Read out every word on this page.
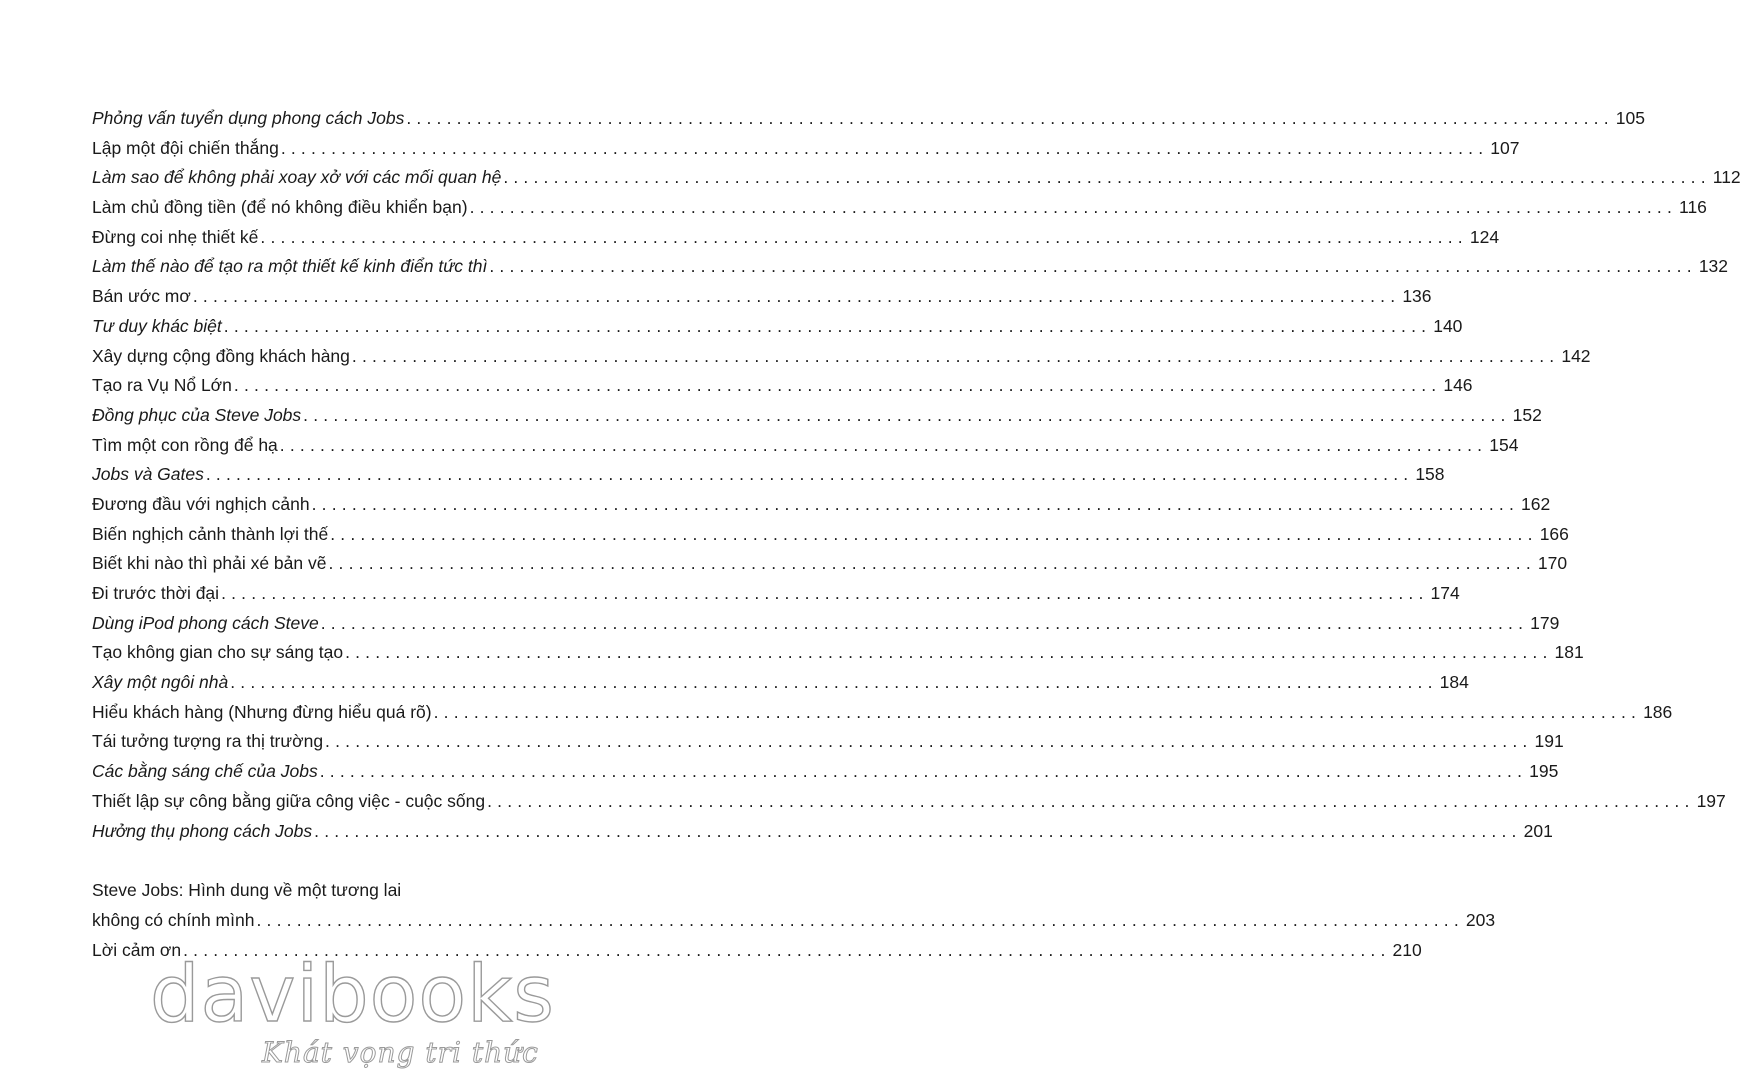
Phỏng vấn tuyển dụng phong cách Jobs ........................................................................................................................ 105
Lập một đội chiến thắng ........................................................................................................................ 107
Làm sao để không phải xoay xở với các mối quan hệ ........................................................................................................................ 112
Làm chủ đồng tiền (để nó không điều khiển bạn) ........................................................................................................................ 116
Đừng coi nhẹ thiết kế ........................................................................................................................ 124
Làm thế nào để tạo ra một thiết kế kinh điển tức thì ........................................................................................................................ 132
Bán ước mơ ........................................................................................................................ 136
Tư duy khác biệt ........................................................................................................................ 140
Xây dựng cộng đồng khách hàng ........................................................................................................................ 142
Tạo ra Vụ Nổ Lớn ........................................................................................................................ 146
Đồng phục của Steve Jobs ........................................................................................................................ 152
Tìm một con rồng để hạ ........................................................................................................................ 154
Jobs và Gates ........................................................................................................................ 158
Đương đầu với nghịch cảnh ........................................................................................................................ 162
Biến nghịch cảnh thành lợi thế ........................................................................................................................ 166
Biết khi nào thì phải xé bản vẽ ........................................................................................................................ 170
Đi trước thời đại ........................................................................................................................ 174
Dùng iPod phong cách Steve ........................................................................................................................ 179
Tạo không gian cho sự sáng tạo ........................................................................................................................ 181
Xây một ngôi nhà ........................................................................................................................ 184
Hiểu khách hàng (Nhưng đừng hiểu quá rõ) ........................................................................................................................ 186
Tái tưởng tượng ra thị trường ........................................................................................................................ 191
Các bằng sáng chế của Jobs ........................................................................................................................ 195
Thiết lập sự công bằng giữa công việc - cuộc sống ........................................................................................................................ 197
Hưởng thụ phong cách Jobs ........................................................................................................................ 201
Steve Jobs: Hình dung về một tương lai
không có chính mình ........................................................................................................................ 203
Lời cảm ơn ........................................................................................................................ 210
davibooks
Khát vọng tri thức
